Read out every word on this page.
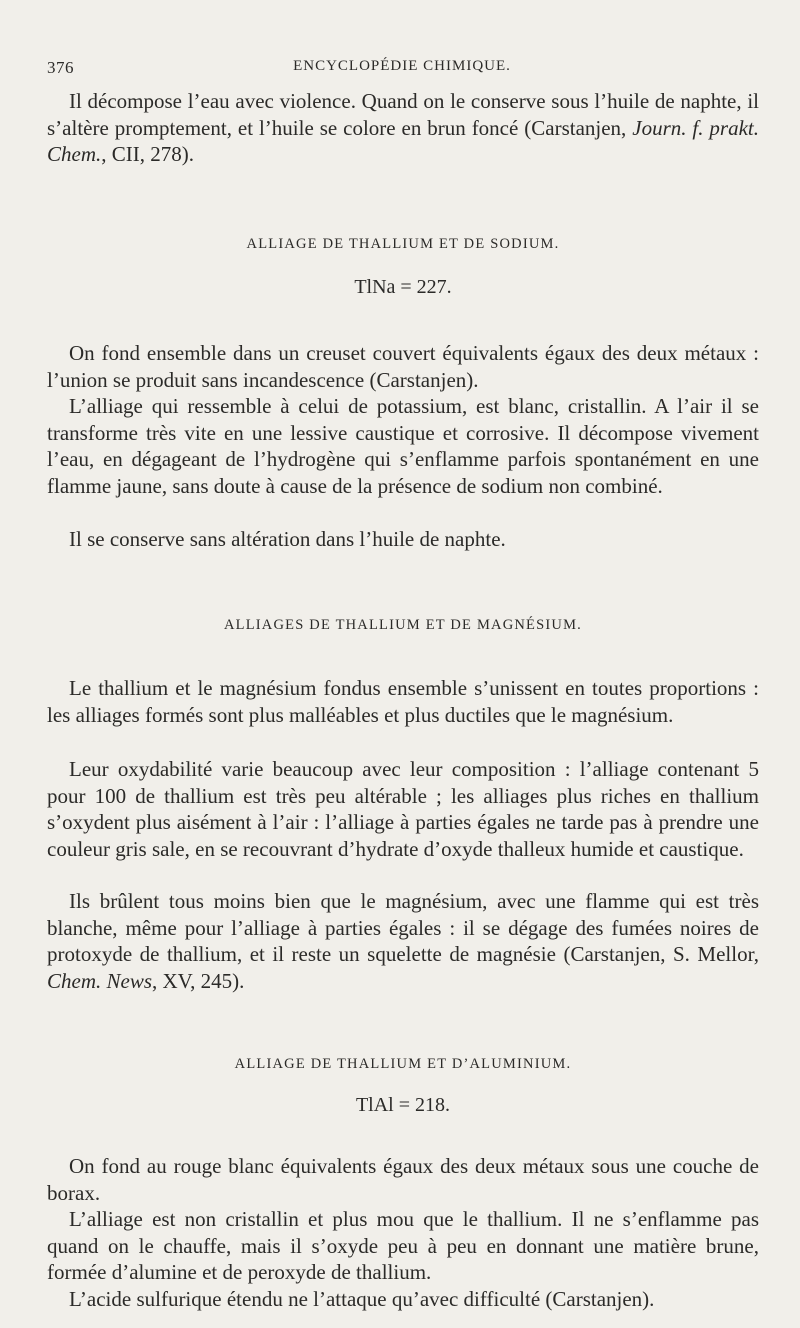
376	ENCYCLOPÉDIE CHIMIQUE.
Il décompose l’eau avec violence. Quand on le conserve sous l’huile de naphte, il s’altère promptement, et l’huile se colore en brun foncé (Carstanjen, Journ. f. prakt. Chem., CII, 278).
ALLIAGE DE THALLIUM ET DE SODIUM.
TlNa = 227.
On fond ensemble dans un creuset couvert équivalents égaux des deux métaux : l’union se produit sans incandescence (Carstanjen).
L’alliage qui ressemble à celui de potassium, est blanc, cristallin. A l’air il se transforme très vite en une lessive caustique et corrosive. Il décompose vivement l’eau, en dégageant de l’hydrogène qui s’enflamme parfois spontanément en une flamme jaune, sans doute à cause de la présence de sodium non combiné.
Il se conserve sans altération dans l’huile de naphte.
ALLIAGES DE THALLIUM ET DE MAGNÉSIUM.
Le thallium et le magnésium fondus ensemble s’unissent en toutes proportions : les alliages formés sont plus malléables et plus ductiles que le magnésium.
Leur oxydabilité varie beaucoup avec leur composition : l’alliage contenant 5 pour 100 de thallium est très peu altérable ; les alliages plus riches en thallium s’oxydent plus aisément à l’air : l’alliage à parties égales ne tarde pas à prendre une couleur gris sale, en se recouvrant d’hydrate d’oxyde thalleux humide et caustique.
Ils brûlent tous moins bien que le magnésium, avec une flamme qui est très blanche, même pour l’alliage à parties égales : il se dégage des fumées noires de protoxyde de thallium, et il reste un squelette de magnésie (Carstanjen, S. Mellor, Chem. News, XV, 245).
ALLIAGE DE THALLIUM ET D’ALUMINIUM.
TlAl = 218.
On fond au rouge blanc équivalents égaux des deux métaux sous une couche de borax.
L’alliage est non cristallin et plus mou que le thallium. Il ne s’enflamme pas quand on le chauffe, mais il s’oxyde peu à peu en donnant une matière brune, formée d’alumine et de peroxyde de thallium.
L’acide sulfurique étendu ne l’attaque qu’avec difficulté (Carstanjen).
